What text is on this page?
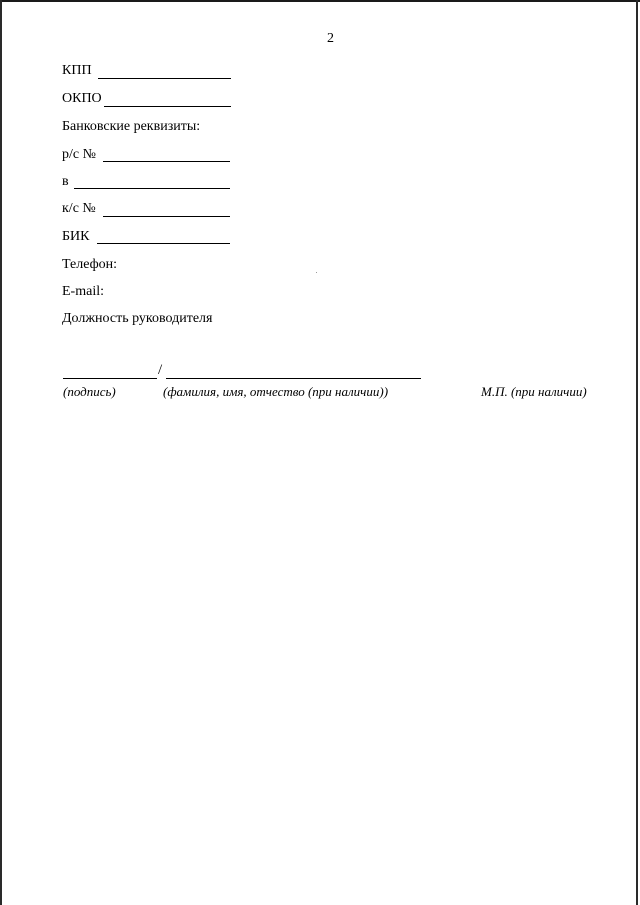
2
КПП
ОКПО
Банковские реквизиты:
р/с №
в
к/с №
БИК
Телефон:
E-mail:
Должность руководителя
/
(подпись)	(фамилия, имя, отчество (при наличии))	М.П. (при наличии)
